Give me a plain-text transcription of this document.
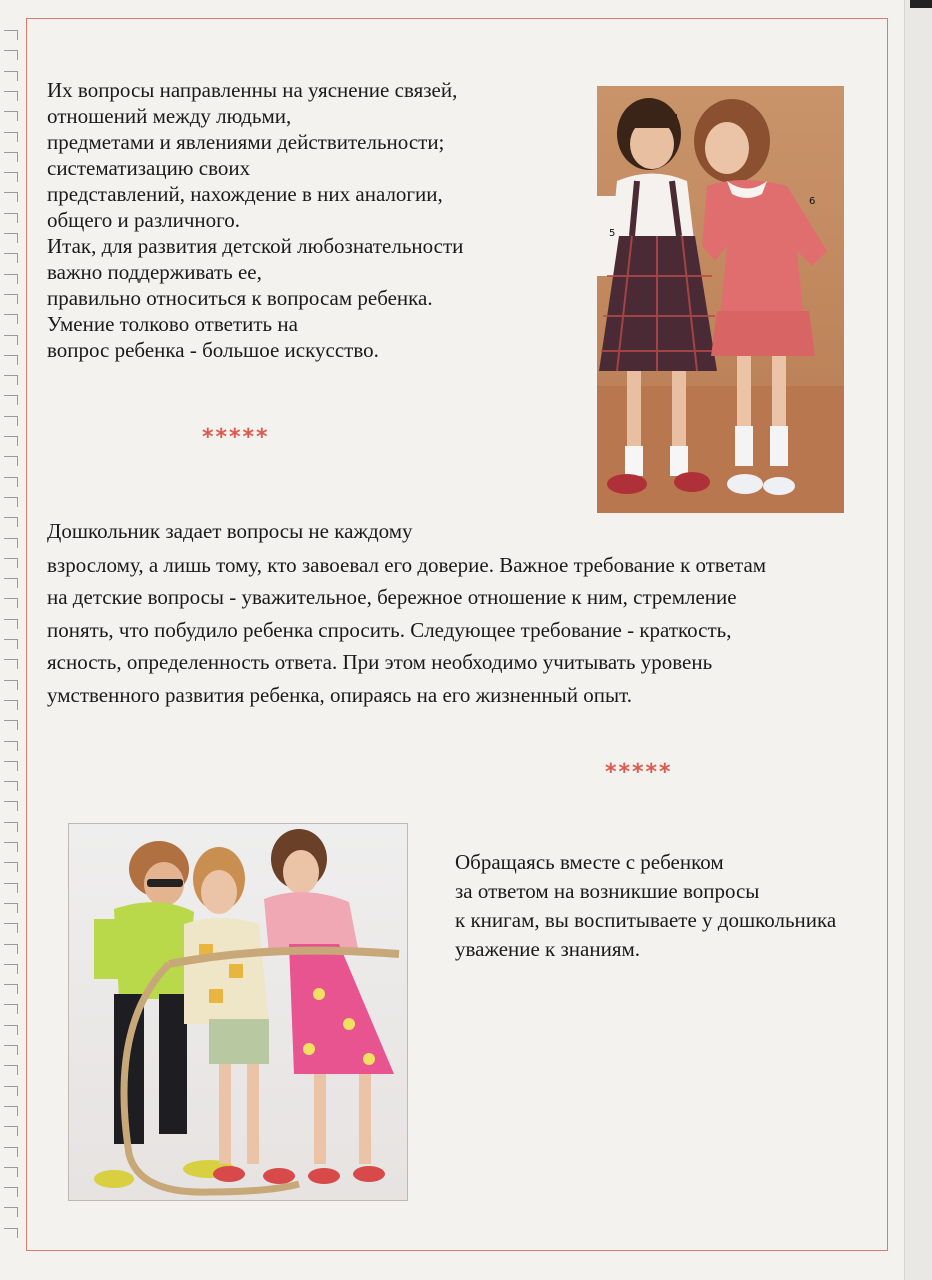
Их вопросы направленны на уяснение связей,
отношений между людьми,
предметами и явлениями действительности;
систематизацию своих
представлений, нахождение в них аналогии,
общего и различного.
Итак, для развития детской любознательности
важно поддерживать ее,
правильно относиться к вопросам ребенка.
Умение толково ответить на
вопрос ребенка - большое искусство.
*****
5
6
Дошкольник задает вопросы не каждому
взрослому, а лишь тому, кто завоевал его доверие. Важное требование к ответам
на детские вопросы - уважительное, бережное отношение к ним, стремление
понять, что побудило ребенка спросить. Следующее требование - краткость,
ясность, определенность ответа. При этом необходимо учитывать уровень
умственного развития ребенка, опираясь на его жизненный опыт.
*****
Обращаясь вместе с ребенком
за ответом на возникшие вопросы
к книгам, вы воспитываете у дошкольника
уважение к знаниям.
